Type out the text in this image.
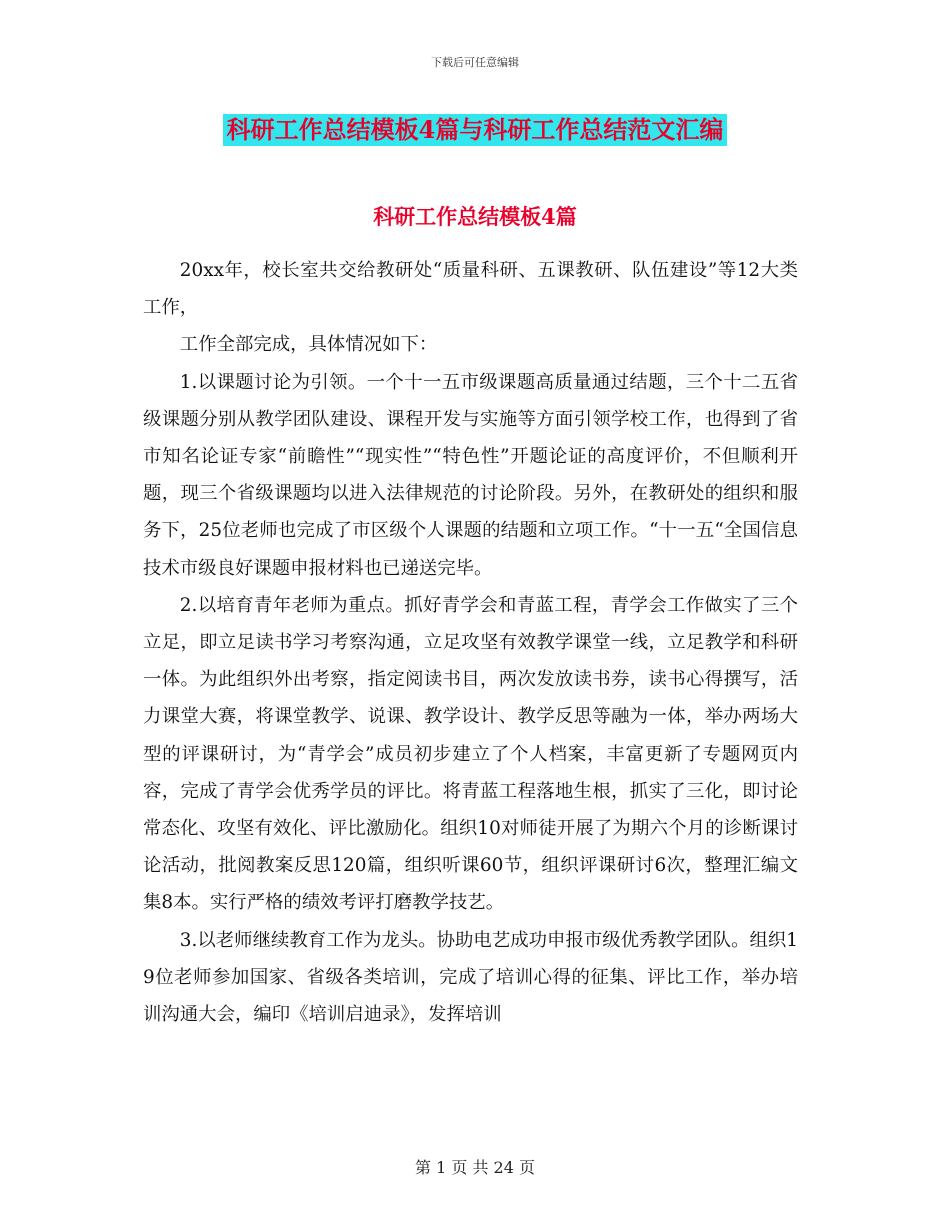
下载后可任意编辑
科研工作总结模板4篇与科研工作总结范文汇编
科研工作总结模板4篇

20xx年，校长室共交给教研处“质量科研、五课教研、队伍建设”等12大类工作，

工作全部完成，具体情况如下：

1.以课题讨论为引领。一个十一五市级课题高质量通过结题，三个十二五省级课题分别从教学团队建设、课程开发与实施等方面引领学校工作，也得到了省市知名论证专家“前瞻性”“现实性”“特色性”开题论证的高度评价，不但顺利开题，现三个省级课题均以进入法律规范的讨论阶段。另外，在教研处的组织和服务下，25位老师也完成了市区级个人课题的结题和立项工作。“十一五“全国信息技术市级良好课题申报材料也已递送完毕。

2.以培育青年老师为重点。抓好青学会和青蓝工程，青学会工作做实了三个立足，即立足读书学习考察沟通，立足攻坚有效教学课堂一线，立足教学和科研一体。为此组织外出考察，指定阅读书目，两次发放读书券，读书心得撰写，活力课堂大赛，将课堂教学、说课、教学设计、教学反思等融为一体，举办两场大型的评课研讨，为“青学会”成员初步建立了个人档案，丰富更新了专题网页内容，完成了青学会优秀学员的评比。将青蓝工程落地生根，抓实了三化，即讨论常态化、攻坚有效化、评比激励化。组织10对师徒开展了为期六个月的诊断课讨论活动，批阅教案反思120篇，组织听课60节，组织评课研讨6次，整理汇编文集8本。实行严格的绩效考评打磨教学技艺。

3.以老师继续教育工作为龙头。协助电艺成功申报市级优秀教学团队。组织19位老师参加国家、省级各类培训，完成了培训心得的征集、评比工作，举办培训沟通大会，编印《培训启迪录》，发挥培训

第 1 页 共 24 页
